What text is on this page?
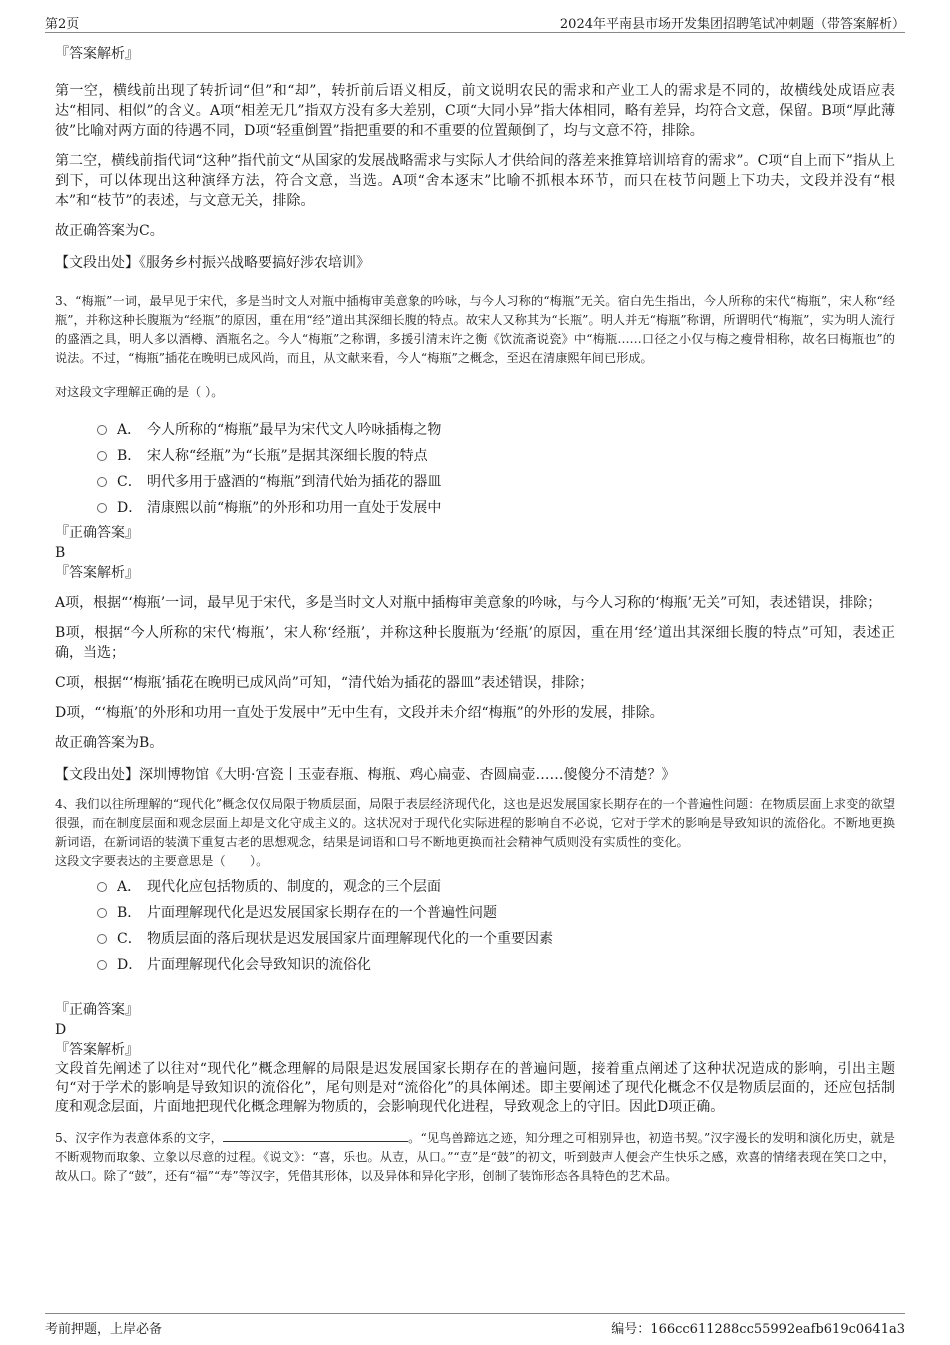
第2页	2024年平南县市场开发集团招聘笔试冲刺题（带答案解析）
『答案解析』

第一空，横线前出现了转折词“但”和“却”，转折前后语义相反，前文说明农民的需求和产业工人的需求是不同的，故横线处成语应表达“相同、相似”的含义。A项“相差无几”指双方没有多大差别，C项“大同小异”指大体相同，略有差异，均符合文意，保留。B项“厚此薄彼”比喻对两方面的待遇不同，D项“轻重倒置”指把重要的和不重要的位置颠倒了，均与文意不符，排除。

第二空，横线前指代词“这种”指代前文“从国家的发展战略需求与实际人才供给间的落差来推算培训培育的需求”。C项“自上而下”指从上到下，可以体现出这种演绎方法，符合文意，当选。A项“舍本逐末”比喻不抓根本环节，而只在枝节问题上下功夫，文段并没有“根本”和“枝节”的表述，与文意无关，排除。

故正确答案为C。

【文段出处】《服务乡村振兴战略要搞好涉农培训》

3、“梅瓶”一词，最早见于宋代，多是当时文人对瓶中插梅审美意象的吟咏，与今人习称的“梅瓶”无关。宿白先生指出，今人所称的宋代“梅瓶”，宋人称“经瓶”，并称这种长腹瓶为“经瓶”的原因，重在用“经”道出其深细长腹的特点。故宋人又称其为“长瓶”。明人并无“梅瓶”称谓，所谓明代“梅瓶”，实为明人流行的盛酒之具，明人多以酒樽、酒瓶名之。今人“梅瓶”之称谓，多援引清末许之衡《饮流斋说瓷》中“梅瓶……口径之小仅与梅之瘦骨相称，故名曰梅瓶也”的说法。不过，“梅瓶”插花在晚明已成风尚，而且，从文献来看，今人“梅瓶”之概念，至迟在清康熙年间已形成。

对这段文字理解正确的是（ ）。

A． 今人所称的“梅瓶”最早为宋代文人吟咏插梅之物
B． 宋人称“经瓶”为“长瓶”是据其深细长腹的特点
C． 明代多用于盛酒的“梅瓶”到清代始为插花的器皿
D． 清康熙以前“梅瓶”的外形和功用一直处于发展中
『正确答案』
B
『答案解析』

A项，根据“‘梅瓶’一词，最早见于宋代，多是当时文人对瓶中插梅审美意象的吟咏，与今人习称的‘梅瓶’无关”可知，表述错误，排除；

B项，根据“今人所称的宋代‘梅瓶’，宋人称‘经瓶’，并称这种长腹瓶为‘经瓶’的原因，重在用‘经’道出其深细长腹的特点”可知，表述正确，当选；

C项，根据“‘梅瓶’插花在晚明已成风尚”可知，“清代始为插花的器皿”表述错误，排除；

D项，“‘梅瓶’的外形和功用一直处于发展中”无中生有，文段并未介绍“梅瓶”的外形的发展，排除。

故正确答案为B。

【文段出处】深圳博物馆《大明·宫瓷丨玉壶春瓶、梅瓶、鸡心扁壶、杏圆扁壶……傻傻分不清楚？》

4、我们以往所理解的“现代化”概念仅仅局限于物质层面，局限于表层经济现代化，这也是迟发展国家长期存在的一个普遍性问题：在物质层面上求变的欲望很强，而在制度层面和观念层面上却是文化守成主义的。这状况对于现代化实际进程的影响自不必说，它对于学术的影响是导致知识的流俗化。不断地更换新词语，在新词语的装潢下重复古老的思想观念，结果是词语和口号不断地更换而社会精神气质则没有实质性的变化。

这段文字要表达的主要意思是（　　）。

A． 现代化应包括物质的、制度的，观念的三个层面
B． 片面理解现代化是迟发展国家长期存在的一个普遍性问题
C． 物质层面的落后现状是迟发展国家片面理解现代化的一个重要因素
D． 片面理解现代化会导致知识的流俗化
『正确答案』
D
『答案解析』

文段首先阐述了以往对“现代化”概念理解的局限是迟发展国家长期存在的普遍问题，接着重点阐述了这种状况造成的影响，引出主题句“对于学术的影响是导致知识的流俗化”，尾句则是对“流俗化”的具体阐述。即主要阐述了现代化概念不仅是物质层面的，还应包括制度和观念层面，片面地把现代化概念理解为物质的，会影响现代化进程，导致观念上的守旧。因此D项正确。

5、汉字作为表意体系的文字，	。“见鸟兽蹄迒之迹，知分理之可相别异也，初造书契。”汉字漫长的发明和演化历史，就是不断观物而取象、立象以尽意的过程。《说文》：“喜，乐也。从壴，从口。”“壴”是“鼓”的初文，听到鼓声人便会产生快乐之感，欢喜的情绪表现在笑口之中，故从口。除了“鼓”，还有“福”“寿”等汉字，凭借其形体，以及异体和异化字形，创制了装饰形态各具特色的艺术品。

考前押题，上岸必备	编号：166cc611288cc55992eafb619c0641a3
